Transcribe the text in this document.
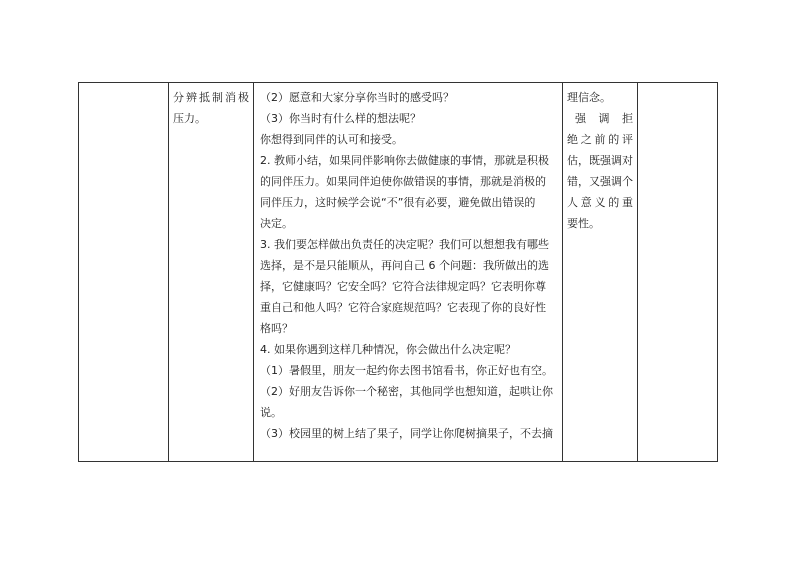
分辨抵制消极
压力。

（2）愿意和大家分享你当时的感受吗？

（3）你当时有什么样的想法呢？

你想得到同伴的认可和接受。

2. 教师小结，如果同伴影响你去做健康的事情，那就是积极

的同伴压力。如果同伴迫使你做错误的事情，那就是消极的

同伴压力，这时候学会说“不”很有必要，避免做出错误的

决定。

3. 我们要怎样做出负责任的决定呢？我们可以想想我有哪些

选择，是不是只能顺从，再问自己 6 个问题：我所做出的选

择，它健康吗？它安全吗？它符合法律规定吗？它表明你尊

重自己和他人吗？它符合家庭规范吗？它表现了你的良好性

格吗？

4. 如果你遇到这样几种情况，你会做出什么决定呢？

（1）暑假里，朋友一起约你去图书馆看书，你正好也有空。

（2）好朋友告诉你一个秘密，其他同学也想知道，起哄让你

说。

（3）校园里的树上结了果子，同学让你爬树摘果子，不去摘

理信念。
强 调 拒
绝之前的评
估，既强调对
错，又强调个
人意义的重
要性。
